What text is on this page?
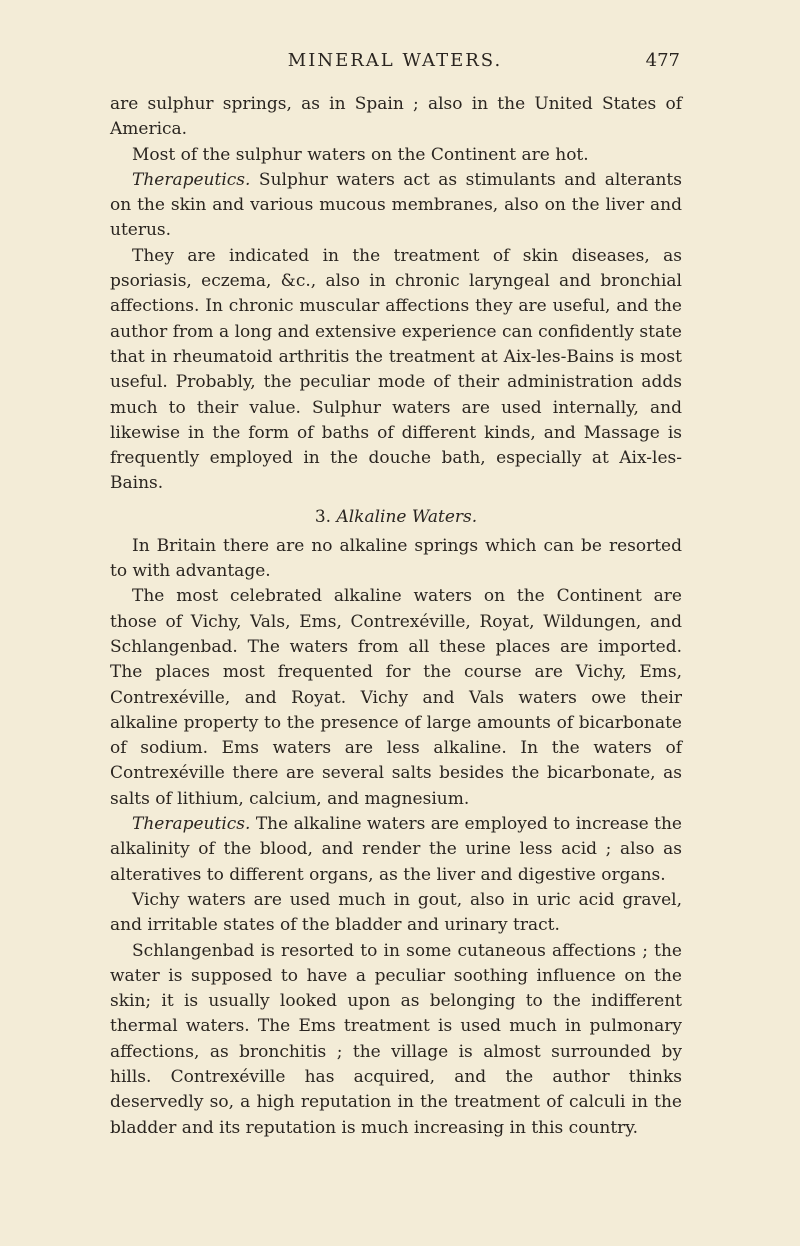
MINERAL WATERS.	477

are sulphur springs, as in Spain ; also in the United States of America.

Most of the sulphur waters on the Continent are hot.

Therapeutics. Sulphur waters act as stimulants and alterants on the skin and various mucous membranes, also on the liver and uterus.

They are indicated in the treatment of skin diseases, as psoriasis, eczema, &c., also in chronic laryngeal and bronchial affections. In chronic muscular affections they are useful, and the author from a long and extensive experience can confidently state that in rheumatoid arthritis the treatment at Aix-les-Bains is most useful. Probably, the peculiar mode of their administration adds much to their value. Sulphur waters are used internally, and likewise in the form of baths of different kinds, and Massage is frequently employed in the douche bath, especially at Aix-les-Bains.

3. Alkaline Waters.

In Britain there are no alkaline springs which can be resorted to with advantage.

The most celebrated alkaline waters on the Continent are those of Vichy, Vals, Ems, Contrexéville, Royat, Wildungen, and Schlangenbad. The waters from all these places are imported. The places most frequented for the course are Vichy, Ems, Contrexéville, and Royat. Vichy and Vals waters owe their alkaline property to the presence of large amounts of bicarbonate of sodium. Ems waters are less alkaline. In the waters of Contrexéville there are several salts besides the bicarbonate, as salts of lithium, calcium, and magnesium.

Therapeutics. The alkaline waters are employed to increase the alkalinity of the blood, and render the urine less acid ; also as alteratives to different organs, as the liver and digestive organs.

Vichy waters are used much in gout, also in uric acid gravel, and irritable states of the bladder and urinary tract.

Schlangenbad is resorted to in some cutaneous affections ; the water is supposed to have a peculiar soothing influence on the skin; it is usually looked upon as belonging to the indifferent thermal waters. The Ems treatment is used much in pulmonary affections, as bronchitis ; the village is almost surrounded by hills. Contrexéville has acquired, and the author thinks deservedly so, a high reputation in the treatment of calculi in the bladder and its reputation is much increasing in this country.
